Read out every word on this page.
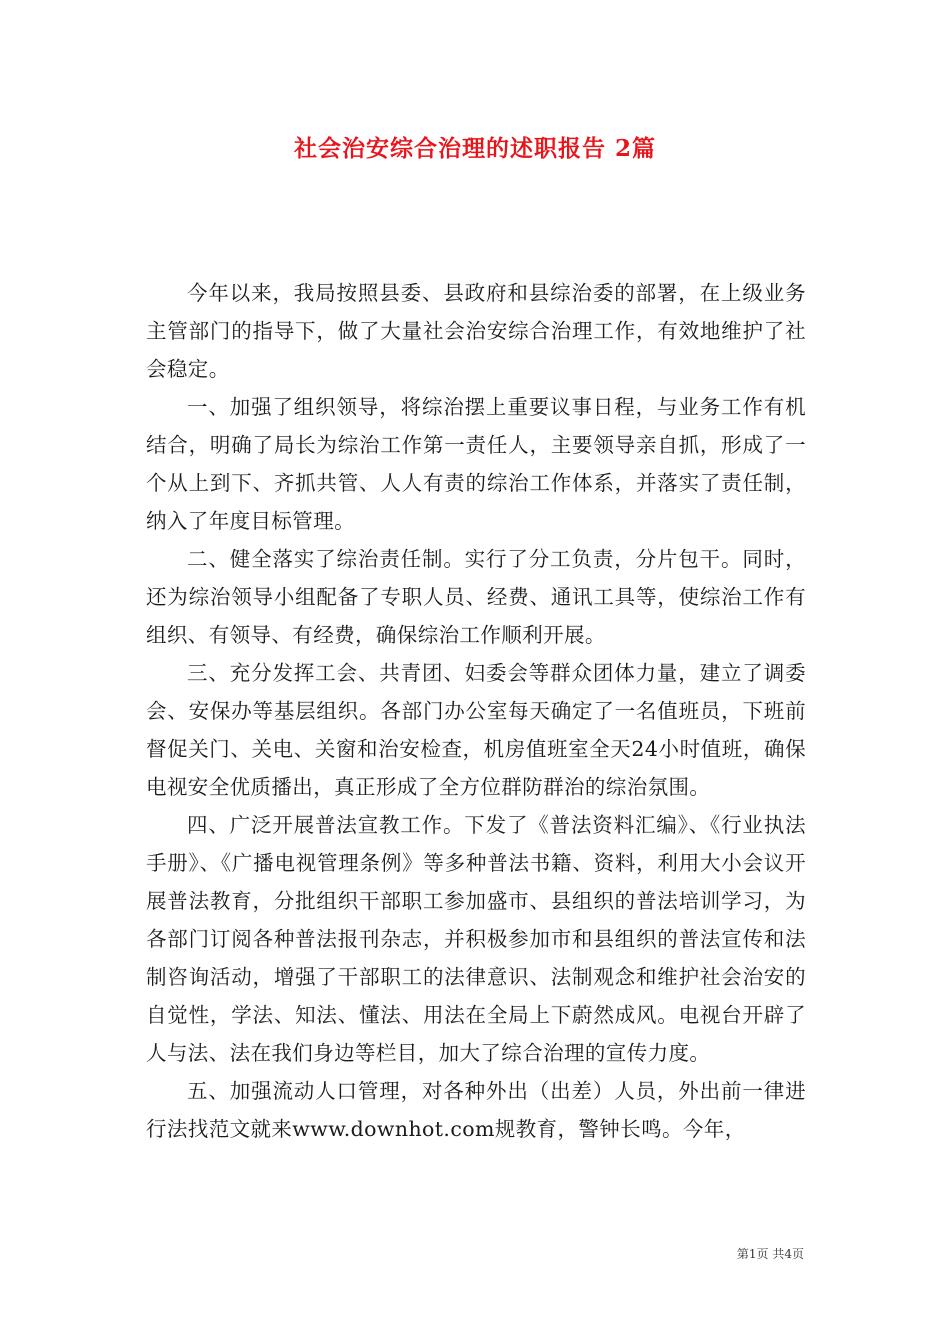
社会治安综合治理的述职报告 2篇

今年以来，我局按照县委、县政府和县综治委的部署，在上级业务主管部门的指导下，做了大量社会治安综合治理工作，有效地维护了社会稳定。

一、加强了组织领导，将综治摆上重要议事日程，与业务工作有机结合，明确了局长为综治工作第一责任人，主要领导亲自抓，形成了一个从上到下、齐抓共管、人人有责的综治工作体系，并落实了责任制，纳入了年度目标管理。

二、健全落实了综治责任制。实行了分工负责，分片包干。同时，还为综治领导小组配备了专职人员、经费、通讯工具等，使综治工作有组织、有领导、有经费，确保综治工作顺利开展。

三、充分发挥工会、共青团、妇委会等群众团体力量，建立了调委会、安保办等基层组织。各部门办公室每天确定了一名值班员，下班前督促关门、关电、关窗和治安检查，机房值班室全天24小时值班，确保电视安全优质播出，真正形成了全方位群防群治的综治氛围。

四、广泛开展普法宣教工作。下发了《普法资料汇编》、《行业执法手册》、《广播电视管理条例》等多种普法书籍、资料，利用大小会议开展普法教育，分批组织干部职工参加盛市、县组织的普法培训学习，为各部门订阅各种普法报刊杂志，并积极参加市和县组织的普法宣传和法制咨询活动，增强了干部职工的法律意识、法制观念和维护社会治安的自觉性，学法、知法、懂法、用法在全局上下蔚然成风。电视台开辟了人与法、法在我们身边等栏目，加大了综合治理的宣传力度。

五、加强流动人口管理，对各种外出（出差）人员，外出前一律进行法找范文就来www.downhot.com规教育，警钟长鸣。今年，

第1页 共4页
